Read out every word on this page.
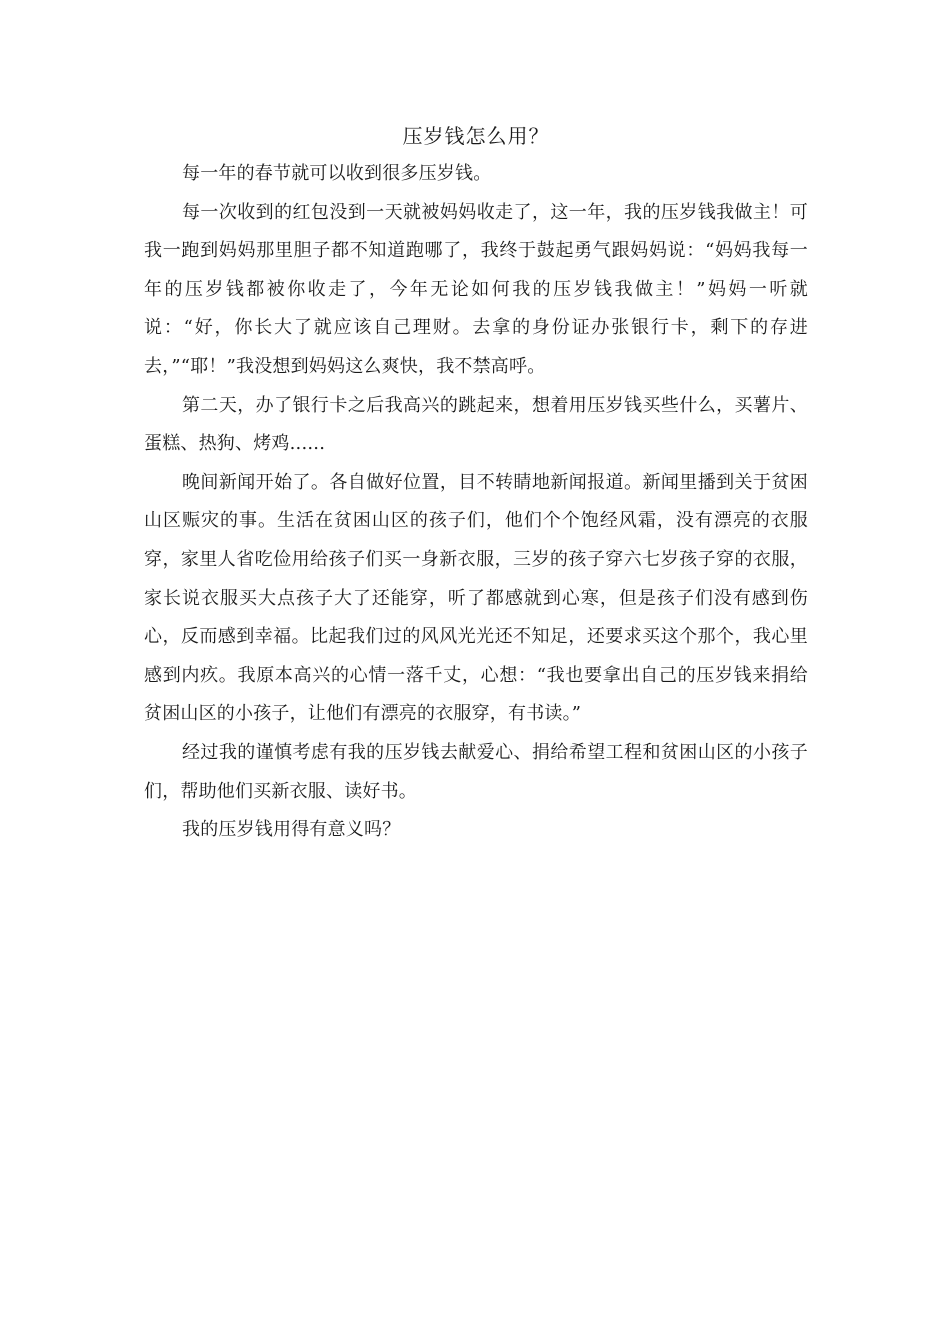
压岁钱怎么用？

每一年的春节就可以收到很多压岁钱。

每一次收到的红包没到一天就被妈妈收走了，这一年，我的压岁钱我做主！可我一跑到妈妈那里胆子都不知道跑哪了，我终于鼓起勇气跟妈妈说：“妈妈我每一年的压岁钱都被你收走了，今年无论如何我的压岁钱我做主！”妈妈一听就说：“好，你长大了就应该自己理财。去拿的身份证办张银行卡，剩下的存进去，”“耶！”我没想到妈妈这么爽快，我不禁高呼。

第二天，办了银行卡之后我高兴的跳起来，想着用压岁钱买些什么，买薯片、蛋糕、热狗、烤鸡......

晚间新闻开始了。各自做好位置，目不转睛地新闻报道。新闻里播到关于贫困山区赈灾的事。生活在贫困山区的孩子们，他们个个饱经风霜，没有漂亮的衣服穿，家里人省吃俭用给孩子们买一身新衣服，三岁的孩子穿六七岁孩子穿的衣服，家长说衣服买大点孩子大了还能穿，听了都感就到心寒，但是孩子们没有感到伤心，反而感到幸福。比起我们过的风风光光还不知足，还要求买这个那个，我心里感到内疚。我原本高兴的心情一落千丈，心想：“我也要拿出自己的压岁钱来捐给贫困山区的小孩子，让他们有漂亮的衣服穿，有书读。”

经过我的谨慎考虑有我的压岁钱去献爱心、捐给希望工程和贫困山区的小孩子们，帮助他们买新衣服、读好书。

我的压岁钱用得有意义吗？
